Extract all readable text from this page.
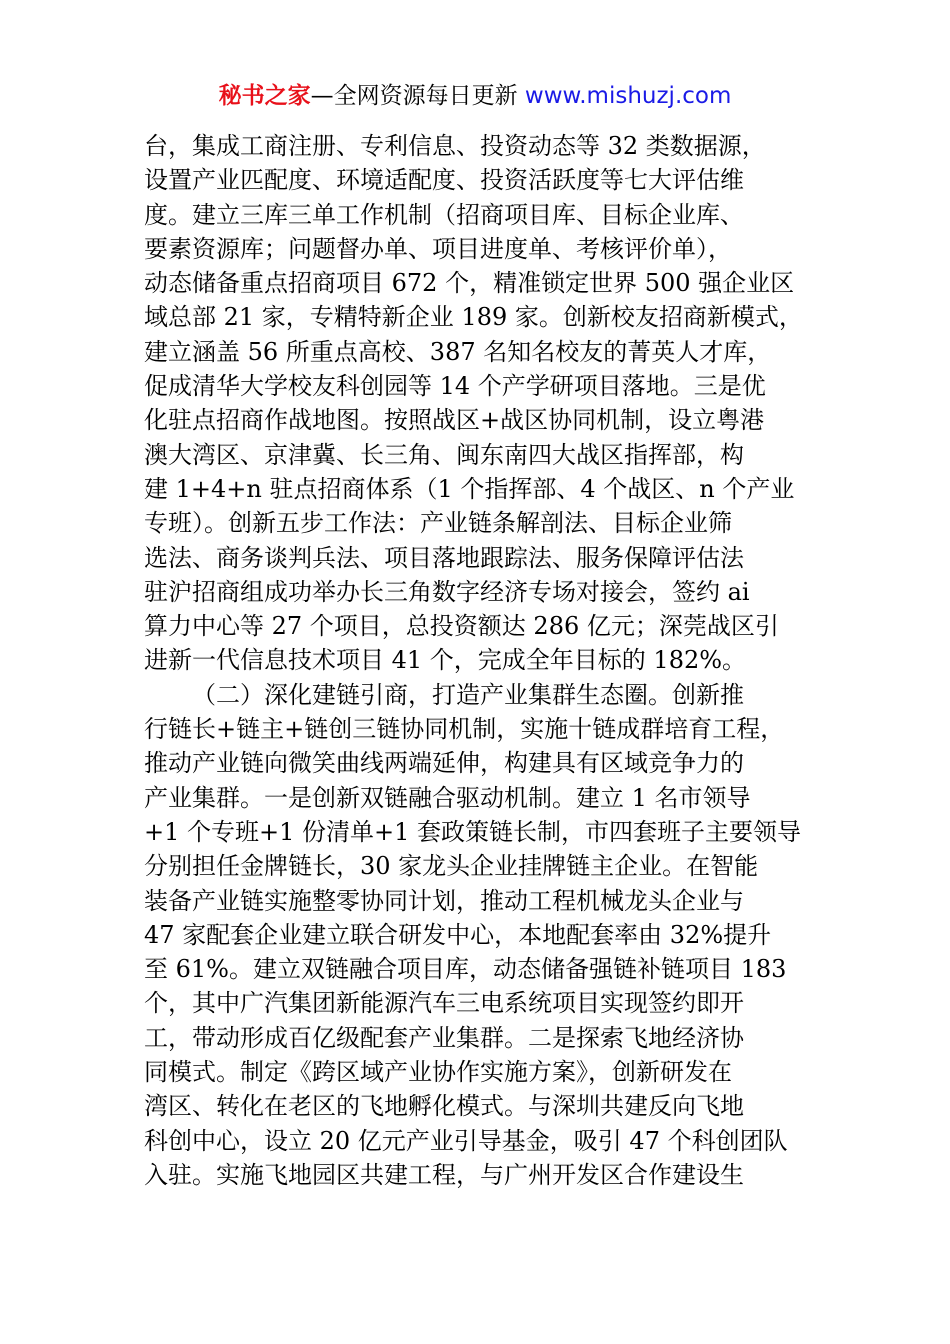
秘书之家—全网资源每日更新 www.mishuzj.com
台，集成工商注册、专利信息、投资动态等 32 类数据源，
设置产业匹配度、环境适配度、投资活跃度等七大评估维
度。建立三库三单工作机制（招商项目库、目标企业库、
要素资源库；问题督办单、项目进度单、考核评价单），
动态储备重点招商项目 672 个，精准锁定世界 500 强企业区
域总部 21 家，专精特新企业 189 家。创新校友招商新模式，
建立涵盖 56 所重点高校、387 名知名校友的菁英人才库，
促成清华大学校友科创园等 14 个产学研项目落地。三是优
化驻点招商作战地图。按照战区+战区协同机制，设立粤港
澳大湾区、京津冀、长三角、闽东南四大战区指挥部，构
建 1+4+n 驻点招商体系（1 个指挥部、4 个战区、n 个产业
专班）。创新五步工作法：产业链条解剖法、目标企业筛
选法、商务谈判兵法、项目落地跟踪法、服务保障评估法
驻沪招商组成功举办长三角数字经济专场对接会，签约 ai
算力中心等 27 个项目，总投资额达 286 亿元；深莞战区引
进新一代信息技术项目 41 个，完成全年目标的 182%。
（二）深化建链引商，打造产业集群生态圈。创新推
行链长+链主+链创三链协同机制，实施十链成群培育工程，
推动产业链向微笑曲线两端延伸，构建具有区域竞争力的
产业集群。一是创新双链融合驱动机制。建立 1 名市领导
+1 个专班+1 份清单+1 套政策链长制，市四套班子主要领导
分别担任金牌链长，30 家龙头企业挂牌链主企业。在智能
装备产业链实施整零协同计划，推动工程机械龙头企业与
47 家配套企业建立联合研发中心，本地配套率由 32%提升
至 61%。建立双链融合项目库，动态储备强链补链项目 183
个，其中广汽集团新能源汽车三电系统项目实现签约即开
工，带动形成百亿级配套产业集群。二是探索飞地经济协
同模式。制定《跨区域产业协作实施方案》，创新研发在
湾区、转化在老区的飞地孵化模式。与深圳共建反向飞地
科创中心，设立 20 亿元产业引导基金，吸引 47 个科创团队
入驻。实施飞地园区共建工程，与广州开发区合作建设生
